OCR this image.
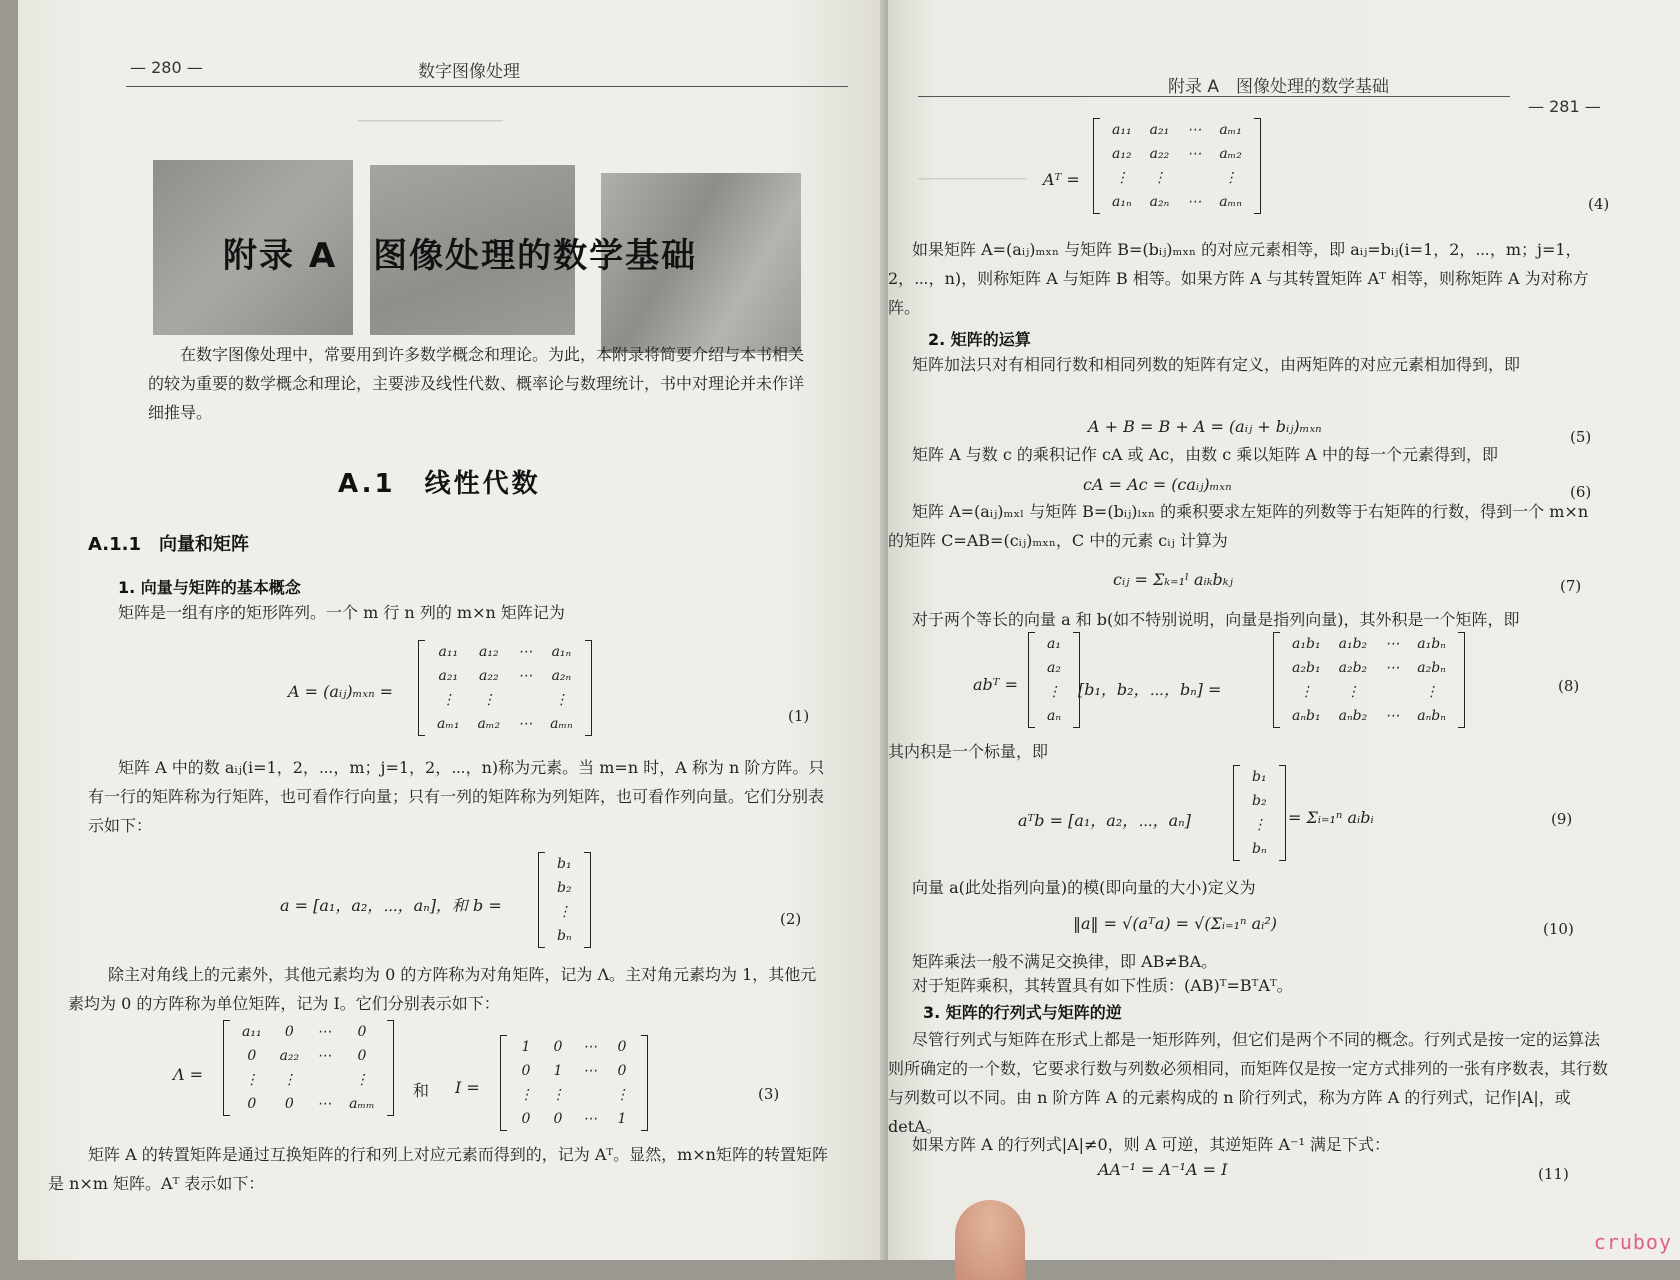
— 280 —	数字图像处理
────────────────
附录 A　图像处理的数学基础
在数字图像处理中，常要用到许多数学概念和理论。为此，本附录将简要介绍与本书相关的较为重要的数学概念和理论，主要涉及线性代数、概率论与数理统计，书中对理论并未作详细推导。
A.1　线性代数
A.1.1　向量和矩阵
1. 向量与矩阵的基本概念
矩阵是一组有序的矩形阵列。一个 m 行 n 列的 m×n 矩阵记为
A = (aᵢⱼ)ₘₓₙ =
a₁₁	a₁₂	⋯	a₁ₙ
a₂₁	a₂₂	⋯	a₂ₙ
⋮	⋮		⋮
aₘ₁	aₘ₂	⋯	aₘₙ	(1)
矩阵 A 中的数 aᵢⱼ(i=1，2，⋯，m；j=1，2，⋯，n)称为元素。当 m=n 时，A 称为 n 阶方阵。只有一行的矩阵称为行矩阵，也可看作行向量；只有一列的矩阵称为列矩阵，也可看作列向量。它们分别表示如下：
a = [a₁，a₂，⋯，aₙ]，和 b =
b₁
b₂
⋮
bₙ
(2)
除主对角线上的元素外，其他元素均为 0 的方阵称为对角矩阵，记为 Λ。主对角元素均为 1，其他元素均为 0 的方阵称为单位矩阵，记为 I。它们分别表示如下：
Λ =
a₁₁	0	⋯	0
0	a₂₂	⋯	0
⋮	⋮		⋮
0	0	⋯	aₘₘ
和 I =
1	0	⋯	0
0	1	⋯	0
⋮	⋮		⋮
0	0	⋯	1
(3)
矩阵 A 的转置矩阵是通过互换矩阵的行和列上对应元素而得到的，记为 Aᵀ。显然，m×n矩阵的转置矩阵是 n×m 矩阵。Aᵀ 表示如下：
附录 A　图像处理的数学基础
— 281 —
──────────── Aᵀ =
a₁₁	a₂₁	⋯	aₘ₁
a₁₂	a₂₂	⋯	aₘ₂
⋮	⋮		⋮
a₁ₙ	a₂ₙ	⋯	aₘₙ	(4)
如果矩阵 A=(aᵢⱼ)ₘₓₙ 与矩阵 B=(bᵢⱼ)ₘₓₙ 的对应元素相等，即 aᵢⱼ=bᵢⱼ(i=1，2，⋯，m；j=1，2，⋯，n)，则称矩阵 A 与矩阵 B 相等。如果方阵 A 与其转置矩阵 Aᵀ 相等，则称矩阵 A 为对称方阵。
2. 矩阵的运算
矩阵加法只对有相同行数和相同列数的矩阵有定义，由两矩阵的对应元素相加得到，即
A + B = B + A = (aᵢⱼ + bᵢⱼ)ₘₓₙ
(5)
矩阵 A 与数 c 的乘积记作 cA 或 Ac，由数 c 乘以矩阵 A 中的每一个元素得到，即
cA = Ac = (caᵢⱼ)ₘₓₙ	(6)
矩阵 A=(aᵢⱼ)ₘₓₗ 与矩阵 B=(bᵢⱼ)ₗₓₙ 的乘积要求左矩阵的列数等于右矩阵的行数，得到一个 m×n 的矩阵 C=AB=(cᵢⱼ)ₘₓₙ，C 中的元素 cᵢⱼ 计算为
cᵢⱼ = Σₖ₌₁ˡ aᵢₖbₖⱼ	(7)
对于两个等长的向量 a 和 b(如不特别说明，向量是指列向量)，其外积是一个矩阵，即
abᵀ =
a₁
a₂
⋮
aₙ
[b₁，b₂，⋯，bₙ] =
a₁b₁	a₁b₂	⋯	a₁bₙ
a₂b₁	a₂b₂	⋯	a₂bₙ
⋮	⋮		⋮
aₙb₁	aₙb₂	⋯	aₙbₙ
(8)
其内积是一个标量，即
aᵀb = [a₁，a₂，⋯，aₙ]
b₁
b₂
⋮
bₙ
= Σᵢ₌₁ⁿ aᵢbᵢ	(9)
向量 a(此处指列向量)的模(即向量的大小)定义为
‖a‖ = √(aᵀa) = √(Σᵢ₌₁ⁿ aᵢ²)	(10)
矩阵乘法一般不满足交换律，即 AB≠BA。
对于矩阵乘积，其转置具有如下性质：(AB)ᵀ=BᵀAᵀ。
3. 矩阵的行列式与矩阵的逆
尽管行列式与矩阵在形式上都是一矩形阵列，但它们是两个不同的概念。行列式是按一定的运算法则所确定的一个数，它要求行数与列数必须相同，而矩阵仅是按一定方式排列的一张有序数表，其行数与列数可以不同。由 n 阶方阵 A 的元素构成的 n 阶行列式，称为方阵 A 的行列式，记作|A|，或 detA。
如果方阵 A 的行列式|A|≠0，则 A 可逆，其逆矩阵 A⁻¹ 满足下式：
AA⁻¹ = A⁻¹A = I	(11)
cruboy
